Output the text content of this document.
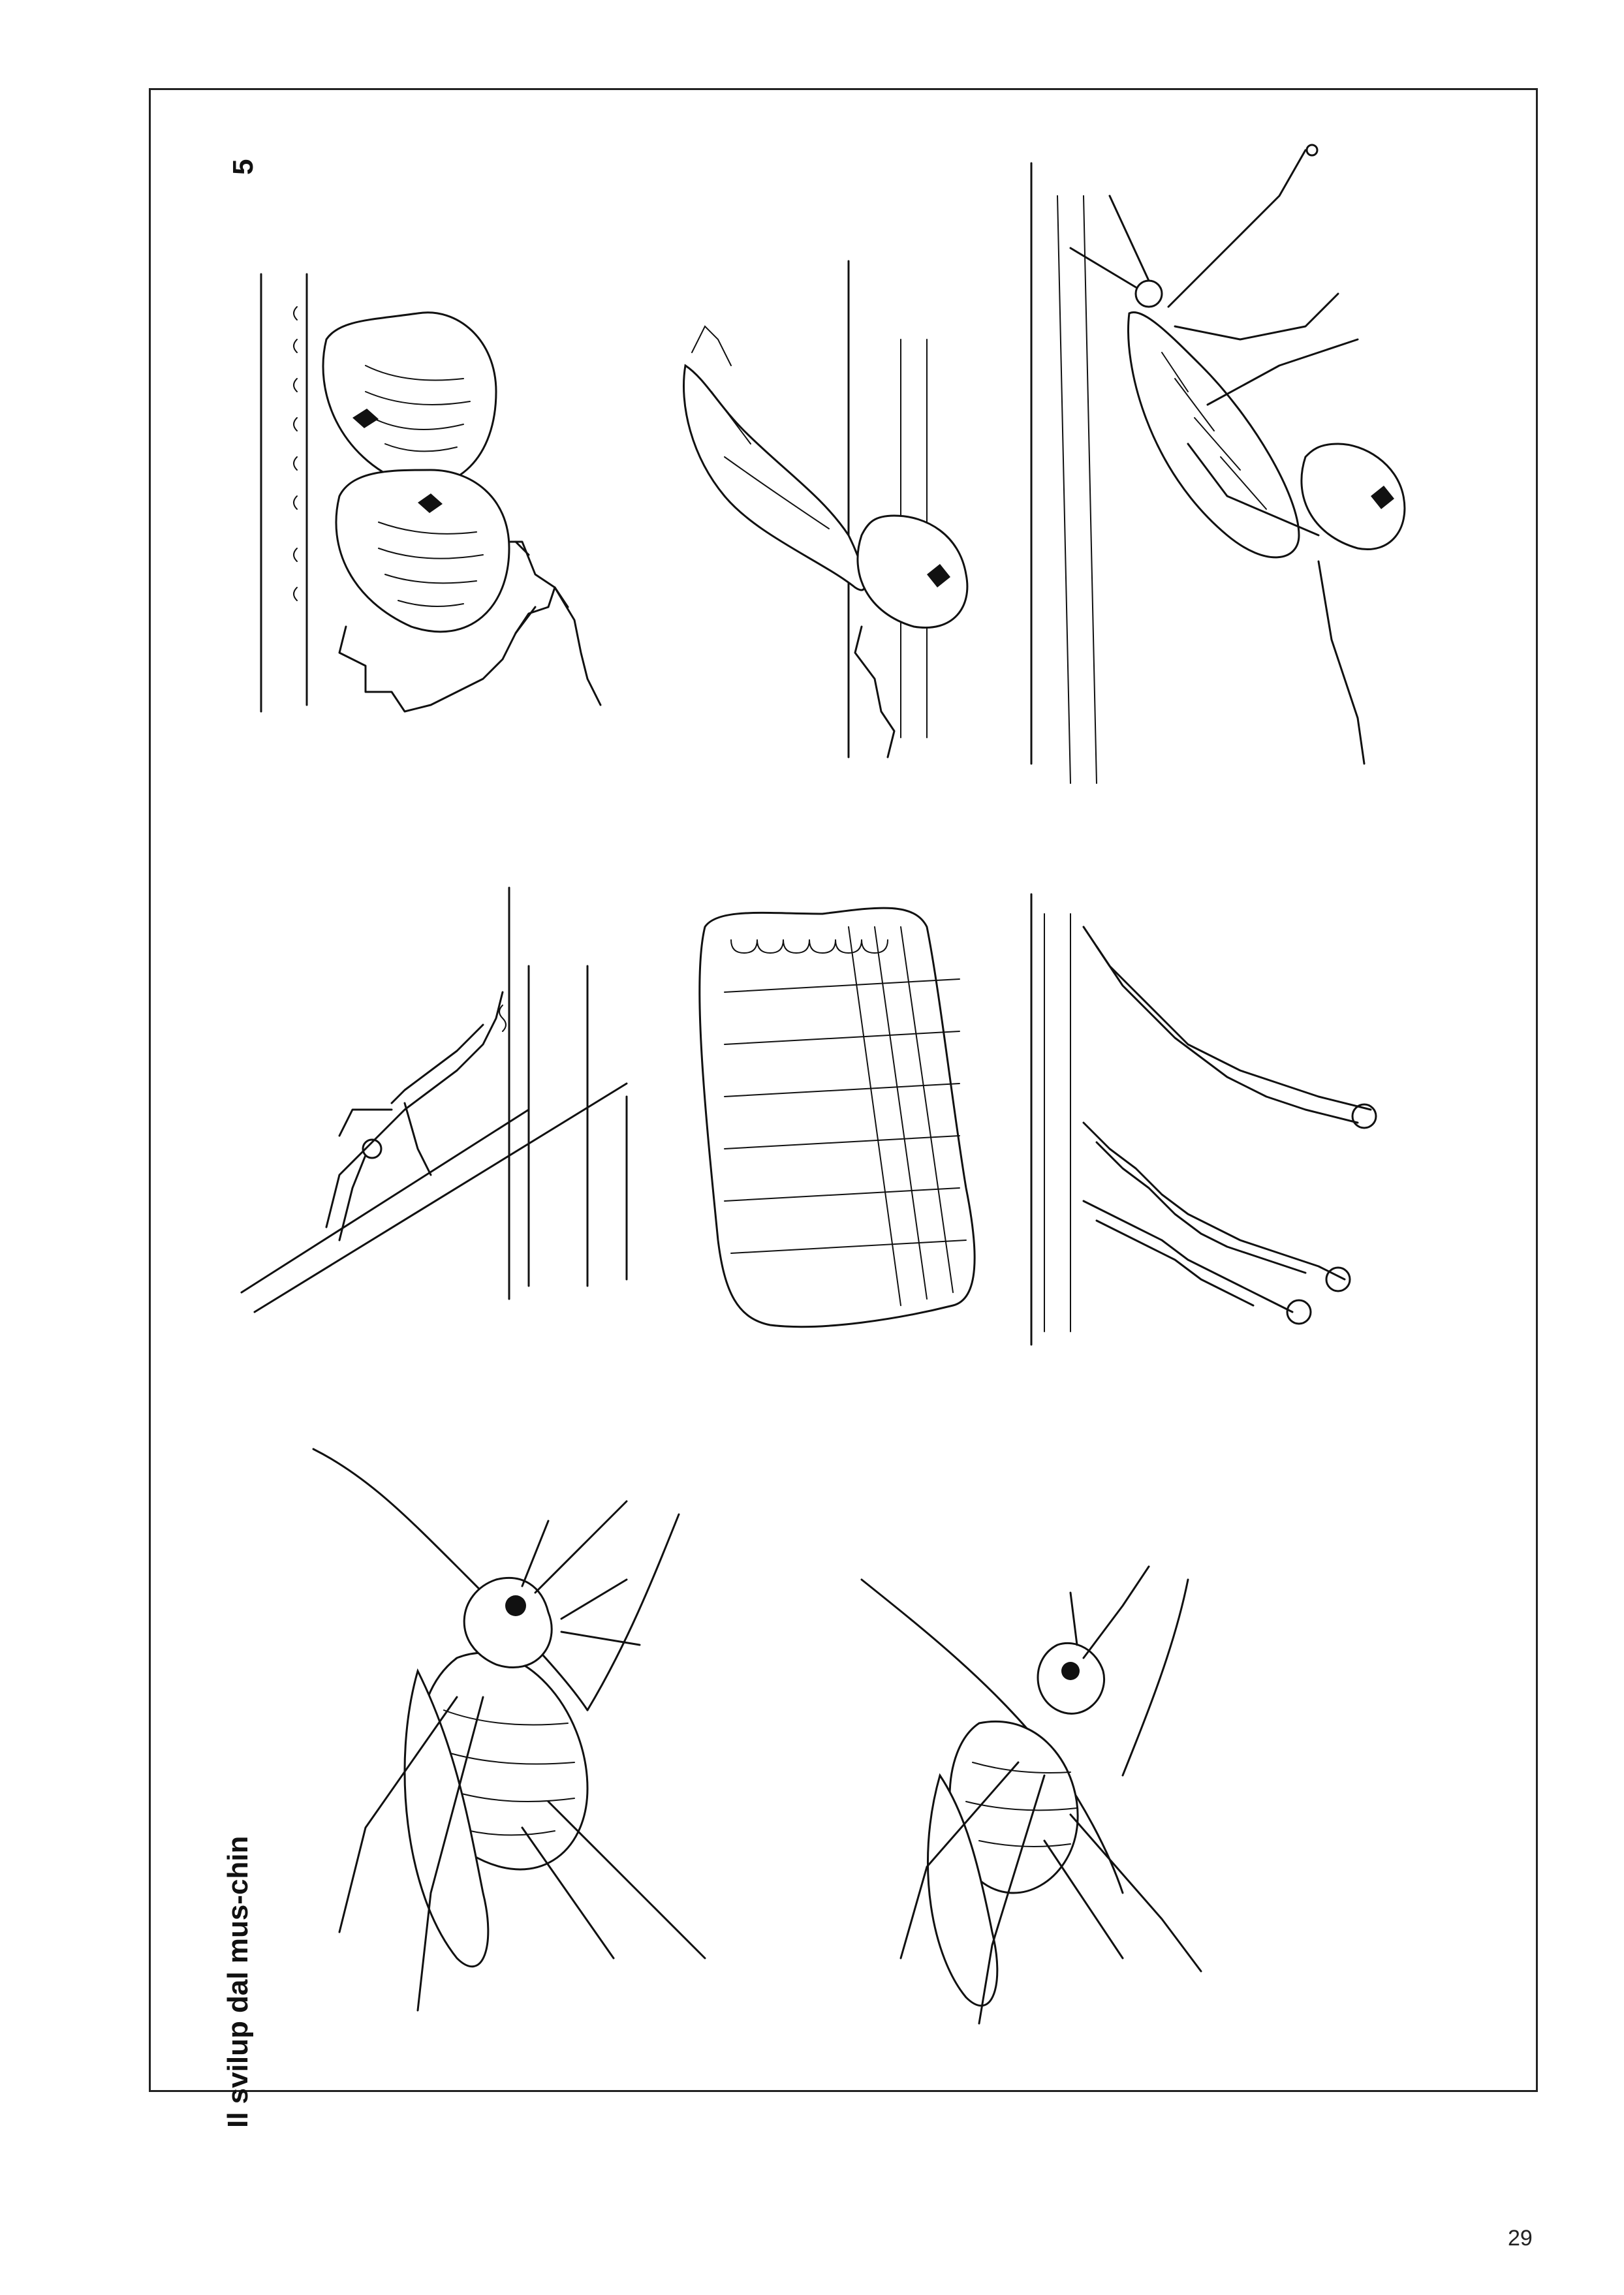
Il svilup dal mus-chin
5
29
